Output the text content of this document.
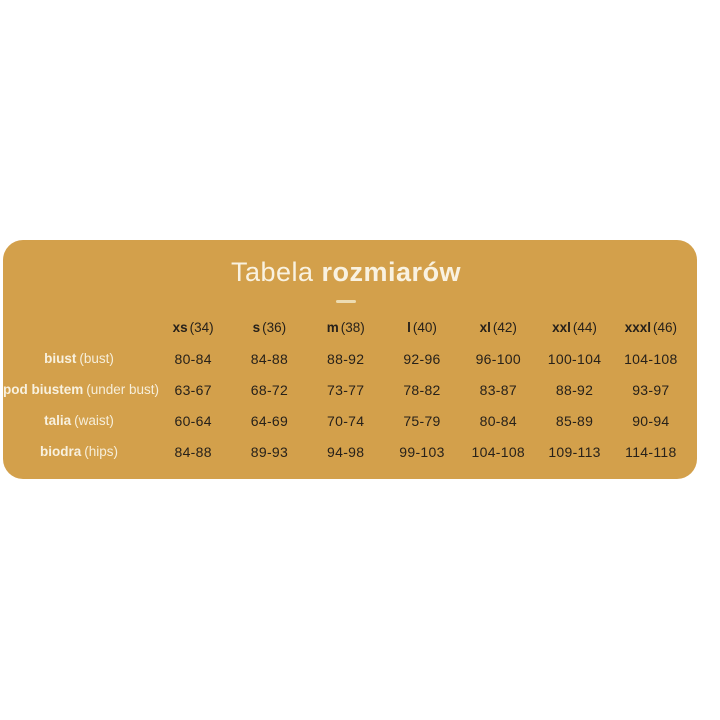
Tabela rozmiarów
	xs (34)	s (36)	m (38)	l (40)	xl (42)	xxl (44)	xxxl (46)
biust (bust)	80-84	84-88	88-92	92-96	96-100	100-104	104-108
pod biustem (under bust)	63-67	68-72	73-77	78-82	83-87	88-92	93-97
talia (waist)	60-64	64-69	70-74	75-79	80-84	85-89	90-94
biodra (hips)	84-88	89-93	94-98	99-103	104-108	109-113	114-118
